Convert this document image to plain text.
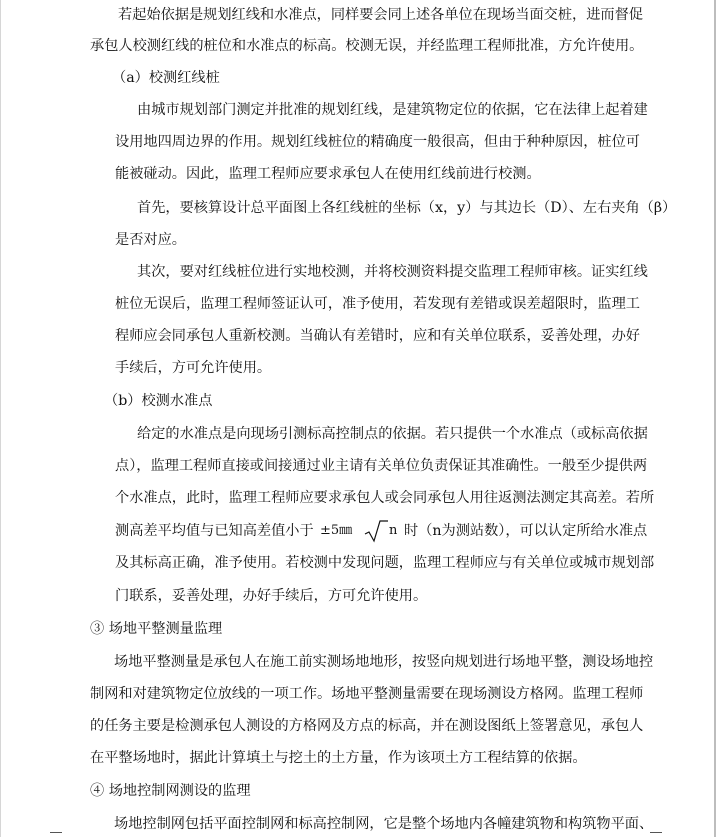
若起始依据是规划红线和水准点，同样要会同上述各单位在现场当面交桩，进而督促
承包人校测红线的桩位和水准点的标高。校测无误，并经监理工程师批准，方允许使用。
（a）校测红线桩
由城市规划部门测定并批准的规划红线，是建筑物定位的依据，它在法律上起着建
设用地四周边界的作用。规划红线桩位的精确度一般很高，但由于种种原因，桩位可
能被碰动。因此，监理工程师应要求承包人在使用红线前进行校测。
首先，要核算设计总平面图上各红线桩的坐标（x，y）与其边长（D）、左右夹角（β）
是否对应。
其次，要对红线桩位进行实地校测，并将校测资料提交监理工程师审核。证实红线
桩位无误后，监理工程师签证认可，准予使用，若发现有差错或误差超限时，监理工
程师应会同承包人重新校测。当确认有差错时，应和有关单位联系，妥善处理，办好
手续后，方可允许使用。
（b）校测水准点
给定的水准点是向现场引测标高控制点的依据。若只提供一个水准点（或标高依据
点），监理工程师直接或间接通过业主请有关单位负责保证其准确性。一般至少提供两
个水准点，此时，监理工程师应要求承包人或会同承包人用往返测法测定其高差。若所
测高差平均值与已知高差值小于 ±5㎜	n 时（n为测站数），可以认定所给水准点
及其标高正确，准予使用。若校测中发现问题，监理工程师应与有关单位或城市规划部
门联系，妥善处理，办好手续后，方可允许使用。
③ 场地平整测量监理
场地平整测量是承包人在施工前实测场地地形，按竖向规划进行场地平整，测设场地控
制网和对建筑物定位放线的一项工作。场地平整测量需要在现场测设方格网。监理工程师
的任务主要是检测承包人测设的方格网及方点的标高，并在测设图纸上签署意见，承包人
在平整场地时，据此计算填土与挖土的土方量，作为该项土方工程结算的依据。
④ 场地控制网测设的监理
场地控制网包括平面控制网和标高控制网，它是整个场地内各幢建筑物和构筑物平面、
